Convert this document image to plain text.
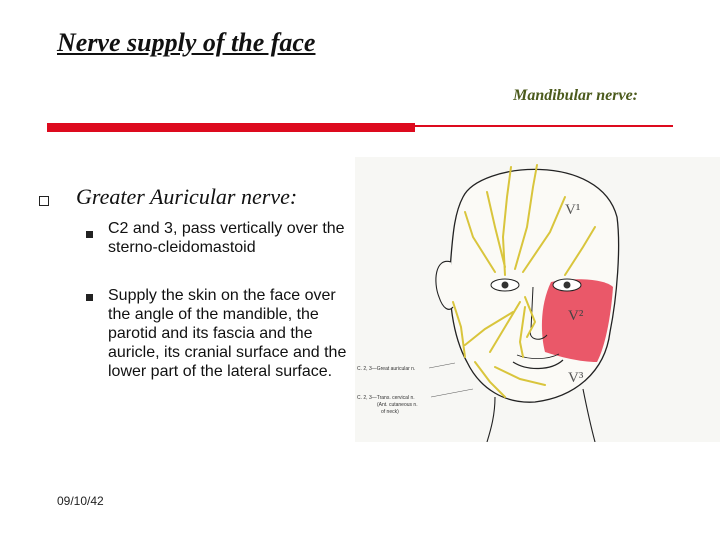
Nerve supply of the face
Mandibular nerve:
Greater Auricular nerve:
C2 and 3, pass vertically over the sterno-cleidomastoid
Supply the skin on the face over the angle of the mandible, the parotid and its fascia and the auricle, its cranial surface and the lower part of the lateral surface.
09/10/42
V¹
V²
V³
C. 2, 3—Great auricular n.
C. 2, 3—Trans. cervical n.
(Ant. cutaneous n.
of neck)
